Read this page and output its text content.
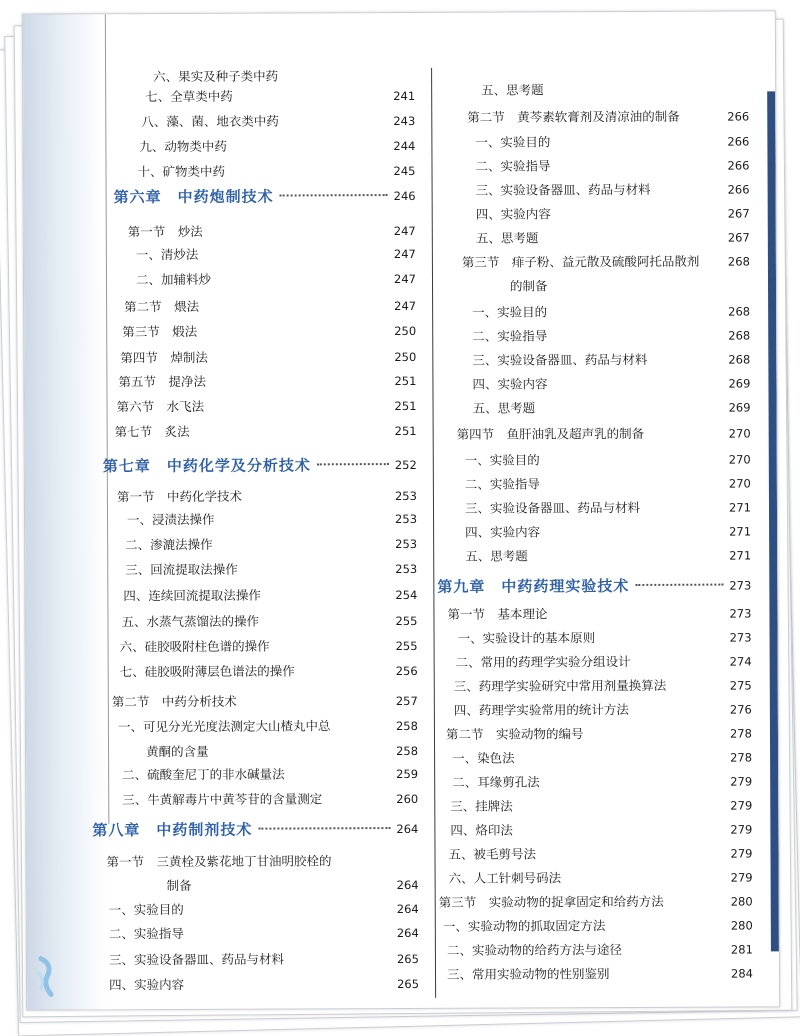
六、果实及种子类中药
七、全草类中药	241
八、藻、菌、地衣类中药	243
九、动物类中药	244
十、矿物类中药	245
第六章　中药炮制技术	246
第一节　炒法	247
一、清炒法	247
二、加辅料炒	247
第二节　煨法	247
第三节　煅法	250
第四节　焯制法	250
第五节　提净法	251
第六节　水飞法	251
第七节　炙法	251
第七章　中药化学及分析技术	252
第一节　中药化学技术	253
一、浸渍法操作	253
二、渗漉法操作	253
三、回流提取法操作	253
四、连续回流提取法操作	254
五、水蒸气蒸馏法的操作	255
六、硅胶吸附柱色谱的操作	255
七、硅胶吸附薄层色谱法的操作	256
第二节　中药分析技术	257
一、可见分光光度法测定大山楂丸中总	258
黄酮的含量	258
二、硫酸奎尼丁的非水碱量法	259
三、牛黄解毒片中黄芩苷的含量测定	260
第八章　中药制剂技术	264
第一节　三黄栓及紫花地丁甘油明胶栓的
制备	264
一、实验目的	264
二、实验指导	264
三、实验设备器皿、药品与材料	265
四、实验内容	265
五、思考题
第二节　黄芩素软膏剂及清凉油的制备	266
一、实验目的	266
二、实验指导	266
三、实验设备器皿、药品与材料	266
四、实验内容	267
五、思考题	267
第三节　痱子粉、益元散及硫酸阿托品散剂 268
的制备
一、实验目的	268
二、实验指导	268
三、实验设备器皿、药品与材料	268
四、实验内容	269
五、思考题	269
第四节　鱼肝油乳及超声乳的制备	270
一、实验目的	270
二、实验指导	270
三、实验设备器皿、药品与材料	271
四、实验内容	271
五、思考题	271
第九章　中药药理实验技术	273
第一节　基本理论	273
一、实验设计的基本原则	273
二、常用的药理学实验分组设计	274
三、药理学实验研究中常用剂量换算法	275
四、药理学实验常用的统计方法	276
第二节　实验动物的编号	278
一、染色法	278
二、耳缘剪孔法	279
三、挂牌法	279
四、烙印法	279
五、被毛剪号法	279
六、人工针刺号码法	279
第三节　实验动物的捉拿固定和给药方法	280
一、实验动物的抓取固定方法	280
二、实验动物的给药方法与途径	281
三、常用实验动物的性别鉴别	284
